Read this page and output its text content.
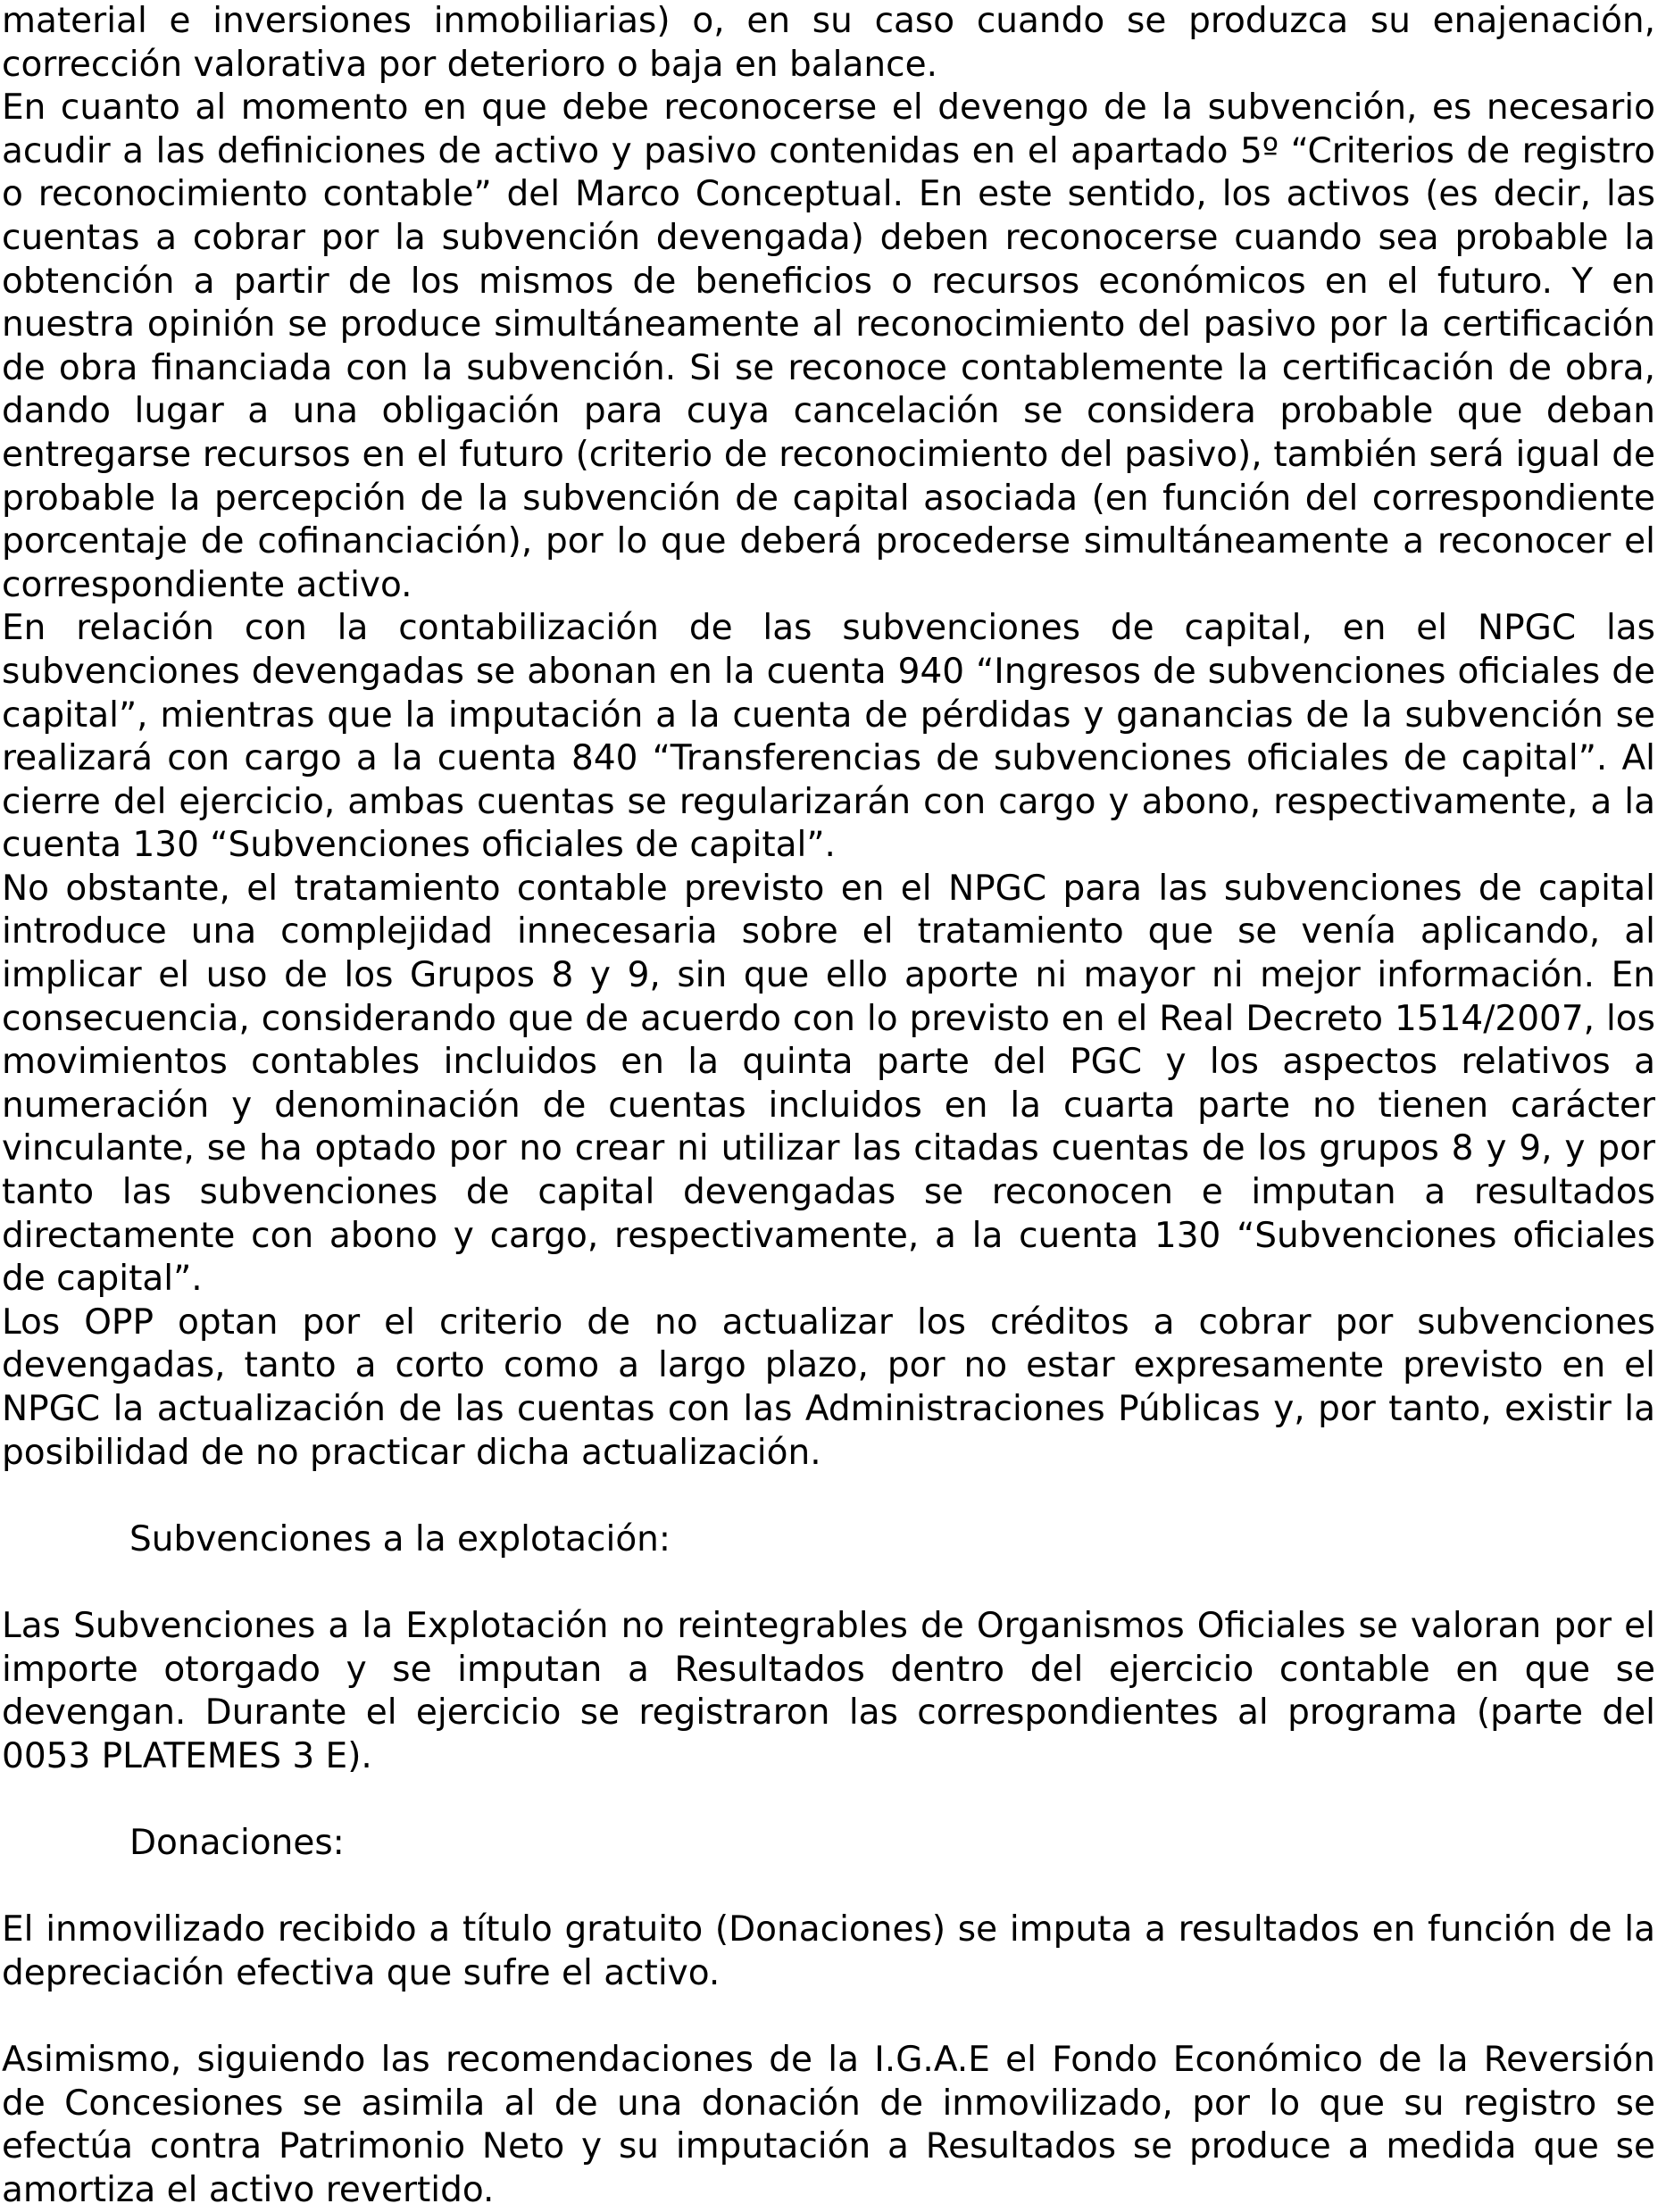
material e inversiones inmobiliarias) o, en su caso cuando se produzca su enajenación, corrección valorativa por deterioro o baja en balance.

En cuanto al momento en que debe reconocerse el devengo de la subvención, es necesario acudir a las definiciones de activo y pasivo contenidas en el apartado 5º “Criterios de registro o reconocimiento contable” del Marco Conceptual. En este sentido, los activos (es decir, las cuentas a cobrar por la subvención devengada) deben reconocerse cuando sea probable la obtención a partir de los mismos de beneficios o recursos económicos en el futuro. Y en nuestra opinión se produce simultáneamente al reconocimiento del pasivo por la certificación de obra financiada con la subvención. Si se reconoce contablemente la certificación de obra, dando lugar a una obligación para cuya cancelación se considera probable que deban entregarse recursos en el futuro (criterio de reconocimiento del pasivo), también será igual de probable la percepción de la subvención de capital asociada (en función del correspondiente porcentaje de cofinanciación), por lo que deberá procederse simultáneamente a reconocer el correspondiente activo.

En relación con la contabilización de las subvenciones de capital, en el NPGC las subvenciones devengadas se abonan en la cuenta 940 “Ingresos de subvenciones oficiales de capital”, mientras que la imputación a la cuenta de pérdidas y ganancias de la subvención se realizará con cargo a la cuenta 840 “Transferencias de subvenciones oficiales de capital”. Al cierre del ejercicio, ambas cuentas se regularizarán con cargo y abono, respectivamente, a la cuenta 130 “Subvenciones oficiales de capital”.

No obstante, el tratamiento contable previsto en el NPGC para las subvenciones de capital introduce una complejidad innecesaria sobre el tratamiento que se venía aplicando, al implicar el uso de los Grupos 8 y 9, sin que ello aporte ni mayor ni mejor información. En consecuencia, considerando que de acuerdo con lo previsto en el Real Decreto 1514/2007, los movimientos contables incluidos en la quinta parte del PGC y los aspectos relativos a numeración y denominación de cuentas incluidos en la cuarta parte no tienen carácter vinculante, se ha optado por no crear ni utilizar las citadas cuentas de los grupos 8 y 9, y por tanto las subvenciones de capital devengadas se reconocen e imputan a resultados directamente con abono y cargo, respectivamente, a la cuenta 130 “Subvenciones oficiales de capital”.

Los OPP optan por el criterio de no actualizar los créditos a cobrar por subvenciones devengadas, tanto a corto como a largo plazo, por no estar expresamente previsto en el NPGC la actualización de las cuentas con las Administraciones Públicas y, por tanto, existir la posibilidad de no practicar dicha actualización.

Subvenciones a la explotación:

Las Subvenciones a la Explotación no reintegrables de Organismos Oficiales se valoran por el importe otorgado y se imputan a Resultados dentro del ejercicio contable en que se devengan. Durante el ejercicio se registraron las correspondientes al programa (parte del 0053 PLATEMES 3 E).

Donaciones:

El inmovilizado recibido a título gratuito (Donaciones) se imputa a resultados en función de la depreciación efectiva que sufre el activo.

Asimismo, siguiendo las recomendaciones de la I.G.A.E el Fondo Económico de la Reversión de Concesiones se asimila al de una donación de inmovilizado, por lo que su registro se efectúa contra Patrimonio Neto y su imputación a Resultados se produce a medida que se amortiza el activo revertido.
